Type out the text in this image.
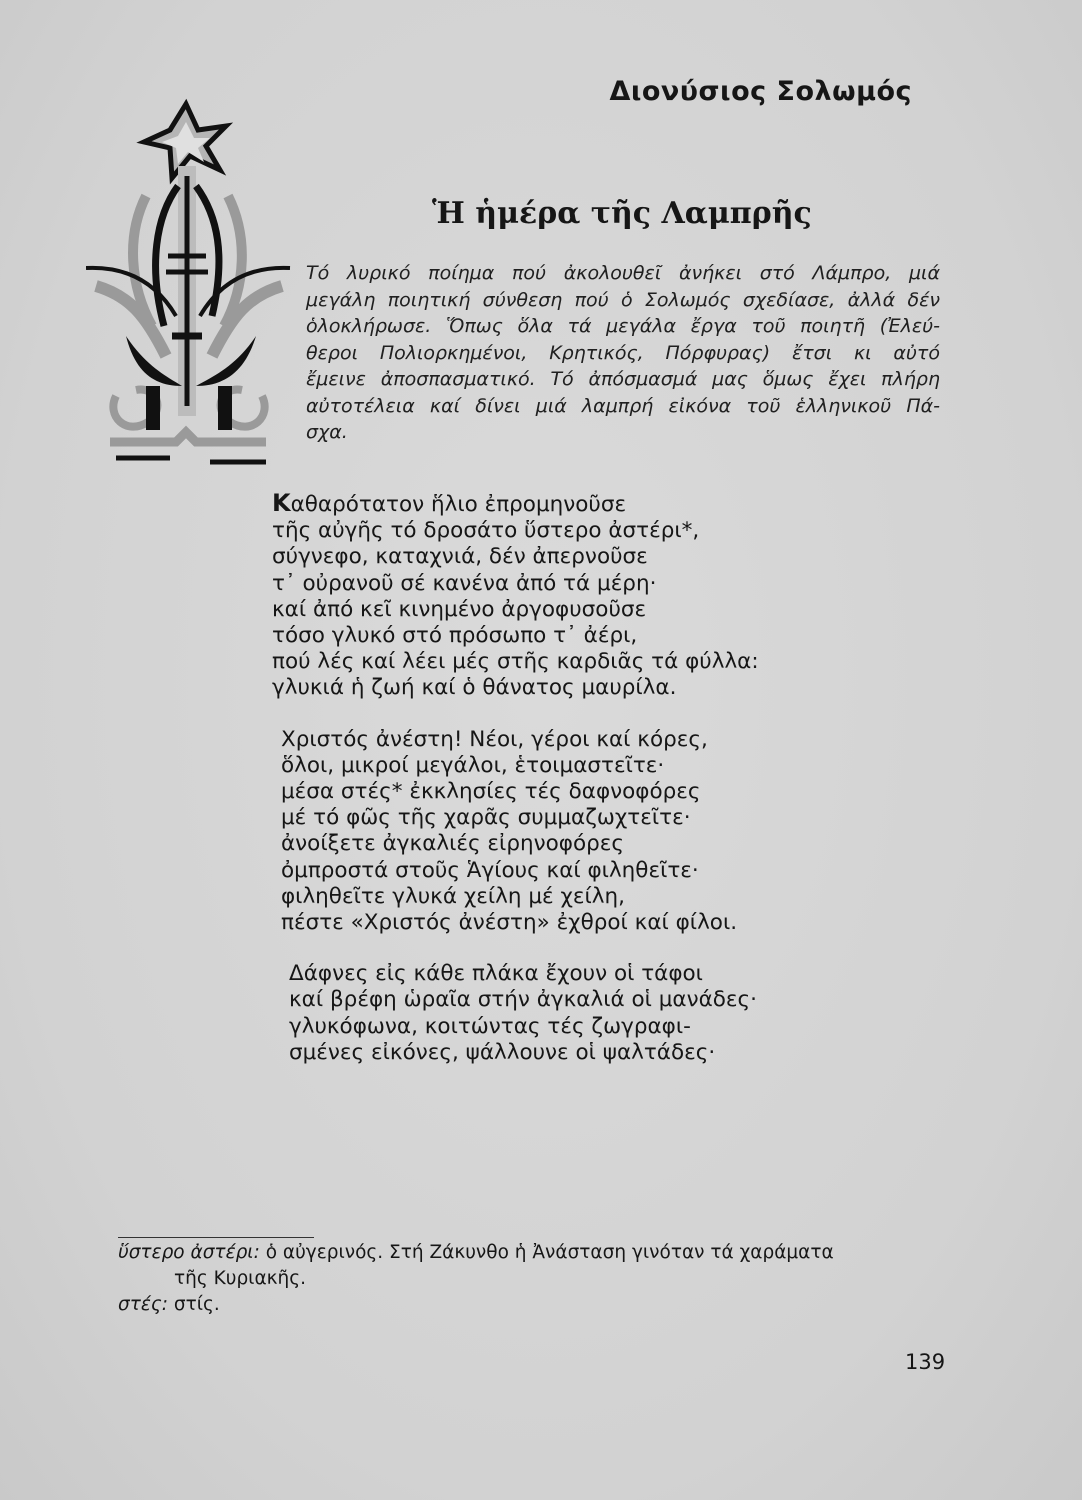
Διονύσιος Σολωμός
Ἡ ἡμέρα τῆς Λαμπρῆς
Τό λυρικό ποίημα πού ἀκολουθεῖ ἀνήκει στό Λάμπρο, μιά
μεγάλη ποιητική σύνθεση πού ὁ Σολωμός σχεδίασε, ἀλλά δέν
ὁλοκλήρωσε. Ὅπως ὅλα τά μεγάλα ἔργα τοῦ ποιητῆ (Ἐλεύ-
θεροι Πολιορκημένοι, Κρητικός, Πόρφυρας) ἔτσι κι αὐτό
ἔμεινε ἀποσπασματικό. Τό ἀπόσμασμά μας ὅμως ἔχει πλήρη
αὐτοτέλεια καί δίνει μιά λαμπρή εἰκόνα τοῦ ἑλληνικοῦ Πά-
σχα.
Καθαρότατον ἥλιο ἐπρομηνοῦσε
τῆς αὐγῆς τό δροσάτο ὕστερο ἀστέρι*,
σύγνεφο, καταχνιά, δέν ἀπερνοῦσε
τ᾽ οὐρανοῦ σέ κανένα ἀπό τά μέρη·
καί ἀπό κεῖ κινημένο ἀργοφυσοῦσε
τόσο γλυκό στό πρόσωπο τ᾽ ἀέρι,
πού λές καί λέει μές στῆς καρδιᾶς τά φύλλα:
γλυκιά ἡ ζωή καί ὁ θάνατος μαυρίλα.
Χριστός ἀνέστη! Νέοι, γέροι καί κόρες,
ὅλοι, μικροί μεγάλοι, ἑτοιμαστεῖτε·
μέσα στές* ἐκκλησίες τές δαφνοφόρες
μέ τό φῶς τῆς χαρᾶς συμμαζωχτεῖτε·
ἀνοίξετε ἀγκαλιές εἰρηνοφόρες
ὀμπροστά στοῦς Ἁγίους καί φιληθεῖτε·
φιληθεῖτε γλυκά χείλη μέ χείλη,
πέστε «Χριστός ἀνέστη» ἐχθροί καί φίλοι.
Δάφνες εἰς κάθε πλάκα ἔχουν οἱ τάφοι
καί βρέφη ὡραῖα στήν ἀγκαλιά οἱ μανάδες·
γλυκόφωνα, κοιτώντας τές ζωγραφι-
σμένες εἰκόνες, ψάλλουνε οἱ ψαλτάδες·
ὕστερο ἀστέρι: ὁ αὐγερινός. Στή Ζάκυνθο ἡ Ἀνάσταση γινόταν τά χαράματα
τῆς Κυριακῆς.
στές: στίς.
139
